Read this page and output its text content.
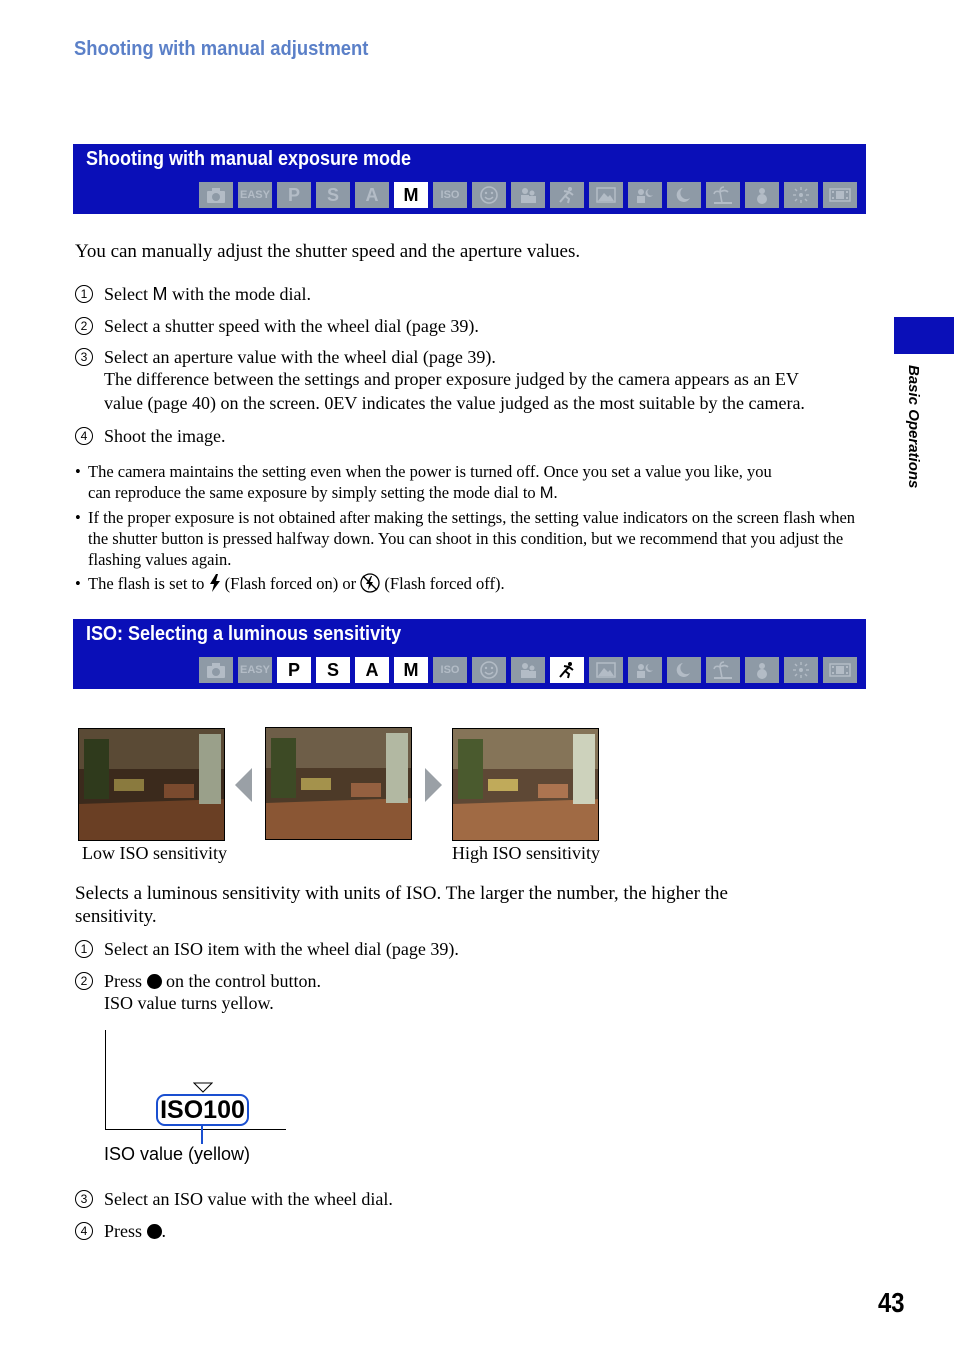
Shooting with manual adjustment
Shooting with manual exposure mode
EASY	P	S	A	M	ISO
You can manually adjust the shutter speed and the aperture values.
1 Select M with the mode dial.
2 Select a shutter speed with the wheel dial (page 39).
3 Select an aperture value with the wheel dial (page 39).
The difference between the settings and proper exposure judged by the camera appears as an EV
value (page 40) on the screen. 0EV indicates the value judged as the most suitable by the camera.
4 Shoot the image.
• The camera maintains the setting even when the power is turned off. Once you set a value you like, you
can reproduce the same exposure by simply setting the mode dial to M.
• If the proper exposure is not obtained after making the settings, the setting value indicators on the screen flash when the shutter button is pressed halfway down. You can shoot in this condition, but we recommend that you adjust the flashing values again.
• The flash is set to  (Flash forced on) or  (Flash forced off).
ISO: Selecting a luminous sensitivity
EASY	P	S	A	M	ISO
Low ISO sensitivity	High ISO sensitivity
Selects a luminous sensitivity with units of ISO. The larger the number, the higher the
sensitivity.
1 Select an ISO item with the wheel dial (page 39).
2 Press  on the control button.
ISO value turns yellow.
ISO100
ISO value (yellow)
3 Select an ISO value with the wheel dial.
4 Press .
Basic Operations
43
